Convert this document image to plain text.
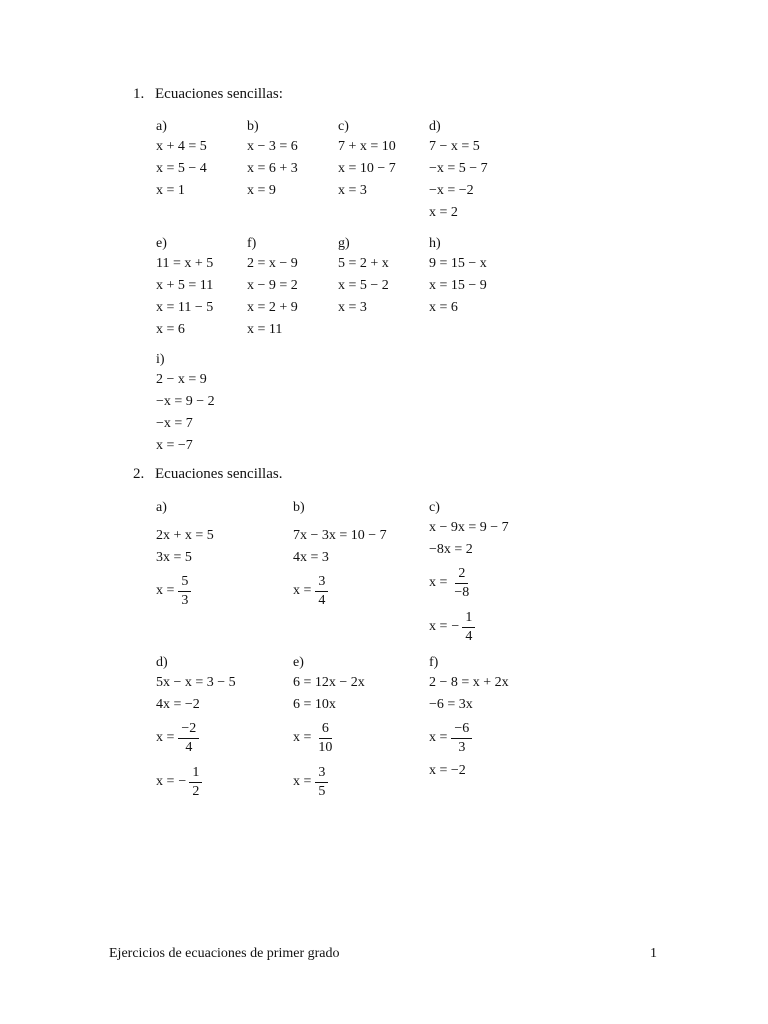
1. Ecuaciones sencillas:
a)
x + 4 = 5
x = 5 − 4
x = 1
b)
x − 3 = 6
x = 6 + 3
x = 9
c)
7 + x = 10
x = 10 − 7
x = 3
d)
7 − x = 5
−x = 5 − 7
−x = −2
x = 2
e)
11 = x + 5
x + 5 = 11
x = 11 − 5
x = 6
f)
2 = x − 9
x − 9 = 2
x = 2 + 9
x = 11
g)
5 = 2 + x
x = 5 − 2
x = 3
h)
9 = 15 − x
x = 15 − 9
x = 6
i)
2 − x = 9
−x = 9 − 2
−x = 7
x = −7
2. Ecuaciones sencillas.
a)
2x + x = 5
3x = 5
$x = \frac{5}{3}$
b)
7x − 3x = 10 − 7
4x = 3
$x = \frac{3}{4}$
c)
x − 9x = 9 − 7
−8x = 2
$x = \frac{2}{-8}$
x = − $\frac{1}{4}$
d)
5x − x = 3 − 5
4x = −2
$x = \frac{-2}{4}$
x = − $\frac{1}{2}$
e)
6 = 12x − 2x
6 = 10x
$x = \frac{6}{10}$
$x = \frac{3}{5}$
f)
2 − 8 = x + 2x
−6 = 3x
$x = \frac{-6}{3}$
x = −2
Ejercicios de ecuaciones de primer grado	1
